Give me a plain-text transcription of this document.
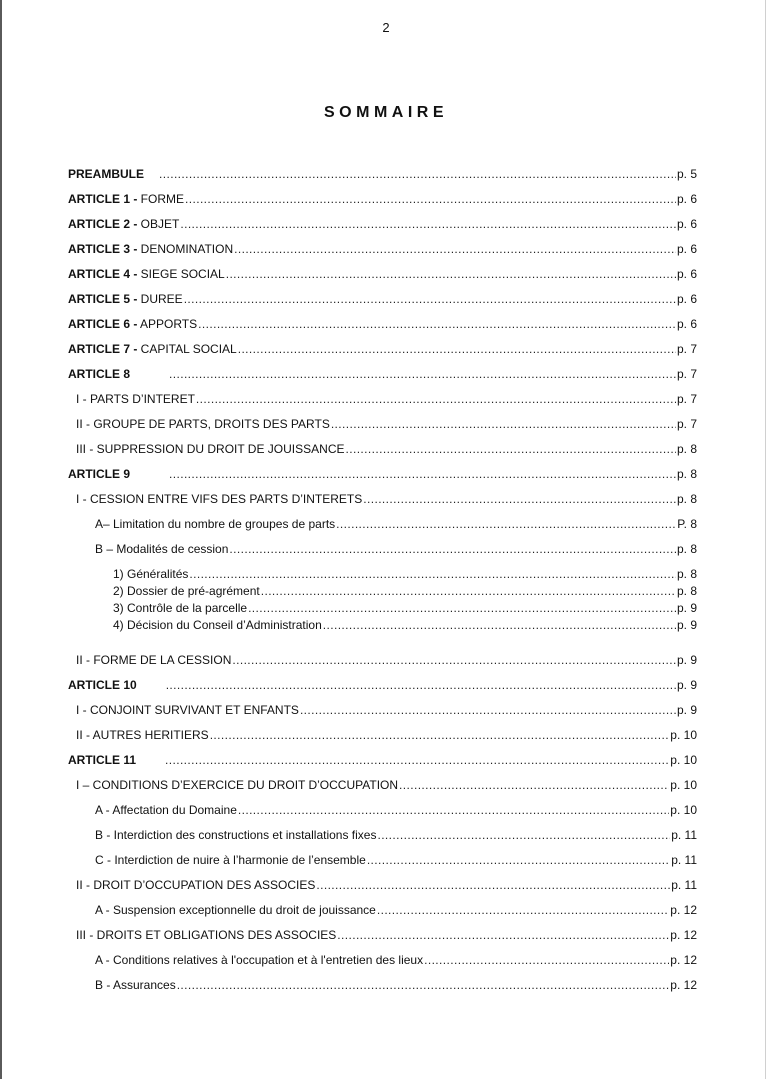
2
SOMMAIRE
PREAMBULE .....	p. 5
ARTICLE 1 - FORME .....	p. 6
ARTICLE 2 - OBJET .....	p. 6
ARTICLE 3 - DENOMINATION .....	p. 6
ARTICLE 4 - SIEGE SOCIAL .....	p. 6
ARTICLE 5 - DUREE .....	p. 6
ARTICLE 6 - APPORTS .....	p. 6
ARTICLE 7 - CAPITAL SOCIAL .....	p. 7
ARTICLE 8 .....	p. 7
I - PARTS D’INTERET .....	p. 7
II - GROUPE DE PARTS, DROITS DES PARTS .....	p. 7
III - SUPPRESSION DU DROIT DE JOUISSANCE .....	p. 8
ARTICLE 9 .....	p. 8
I - CESSION ENTRE VIFS DES PARTS D’INTERETS .....	p. 8
A– Limitation du nombre de groupes de parts .....	P. 8
B – Modalités de cession .....	p. 8
1) Généralités .....	p. 8
2) Dossier de pré-agrément .....	p. 8
3) Contrôle de la parcelle .....	p. 9
4) Décision du Conseil d’Administration .....	p. 9
II - FORME DE LA CESSION .....	p. 9
ARTICLE 10 .....	p. 9
I - CONJOINT SURVIVANT ET ENFANTS .....	p. 9
II - AUTRES HERITIERS .....	p. 10
ARTICLE 11 .....	p. 10
I – CONDITIONS D’EXERCICE DU DROIT D’OCCUPATION .....	p. 10
A - Affectation du Domaine .....	p. 10
B - Interdiction des constructions et installations fixes .....	p. 11
C - Interdiction de nuire à l’harmonie de l’ensemble .....	p. 11
II - DROIT D’OCCUPATION DES ASSOCIES .....	p. 11
A - Suspension exceptionnelle du droit de jouissance .....	p. 12
III - DROITS ET OBLIGATIONS DES ASSOCIES .....	p. 12
A - Conditions relatives à l'occupation et à l'entretien des lieux .....	p. 12
B - Assurances .....	p. 12
